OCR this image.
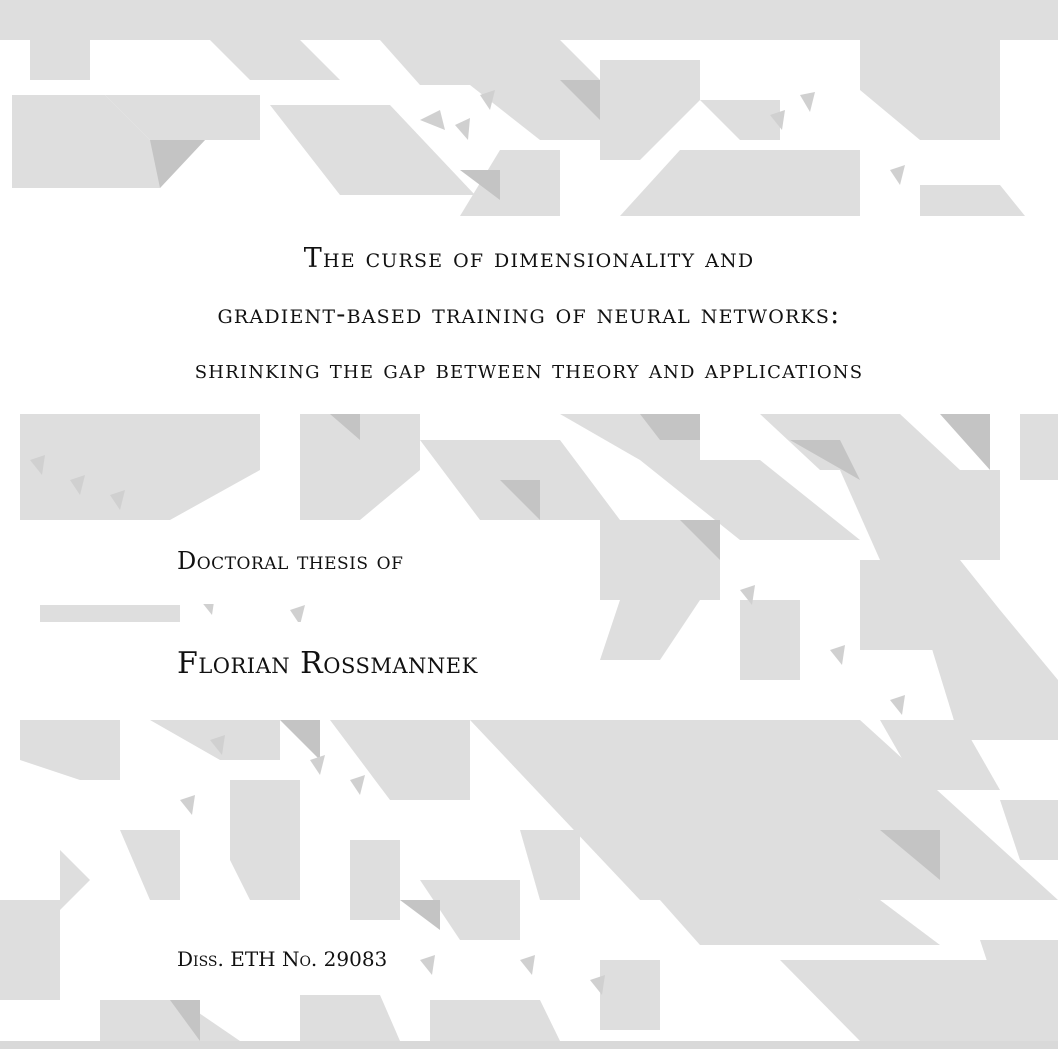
The curse of dimensionality and
gradient-based training of neural networks:
shrinking the gap between theory and applications
Doctoral thesis of
Florian Rossmannek
Diss. ETH No. 29083
